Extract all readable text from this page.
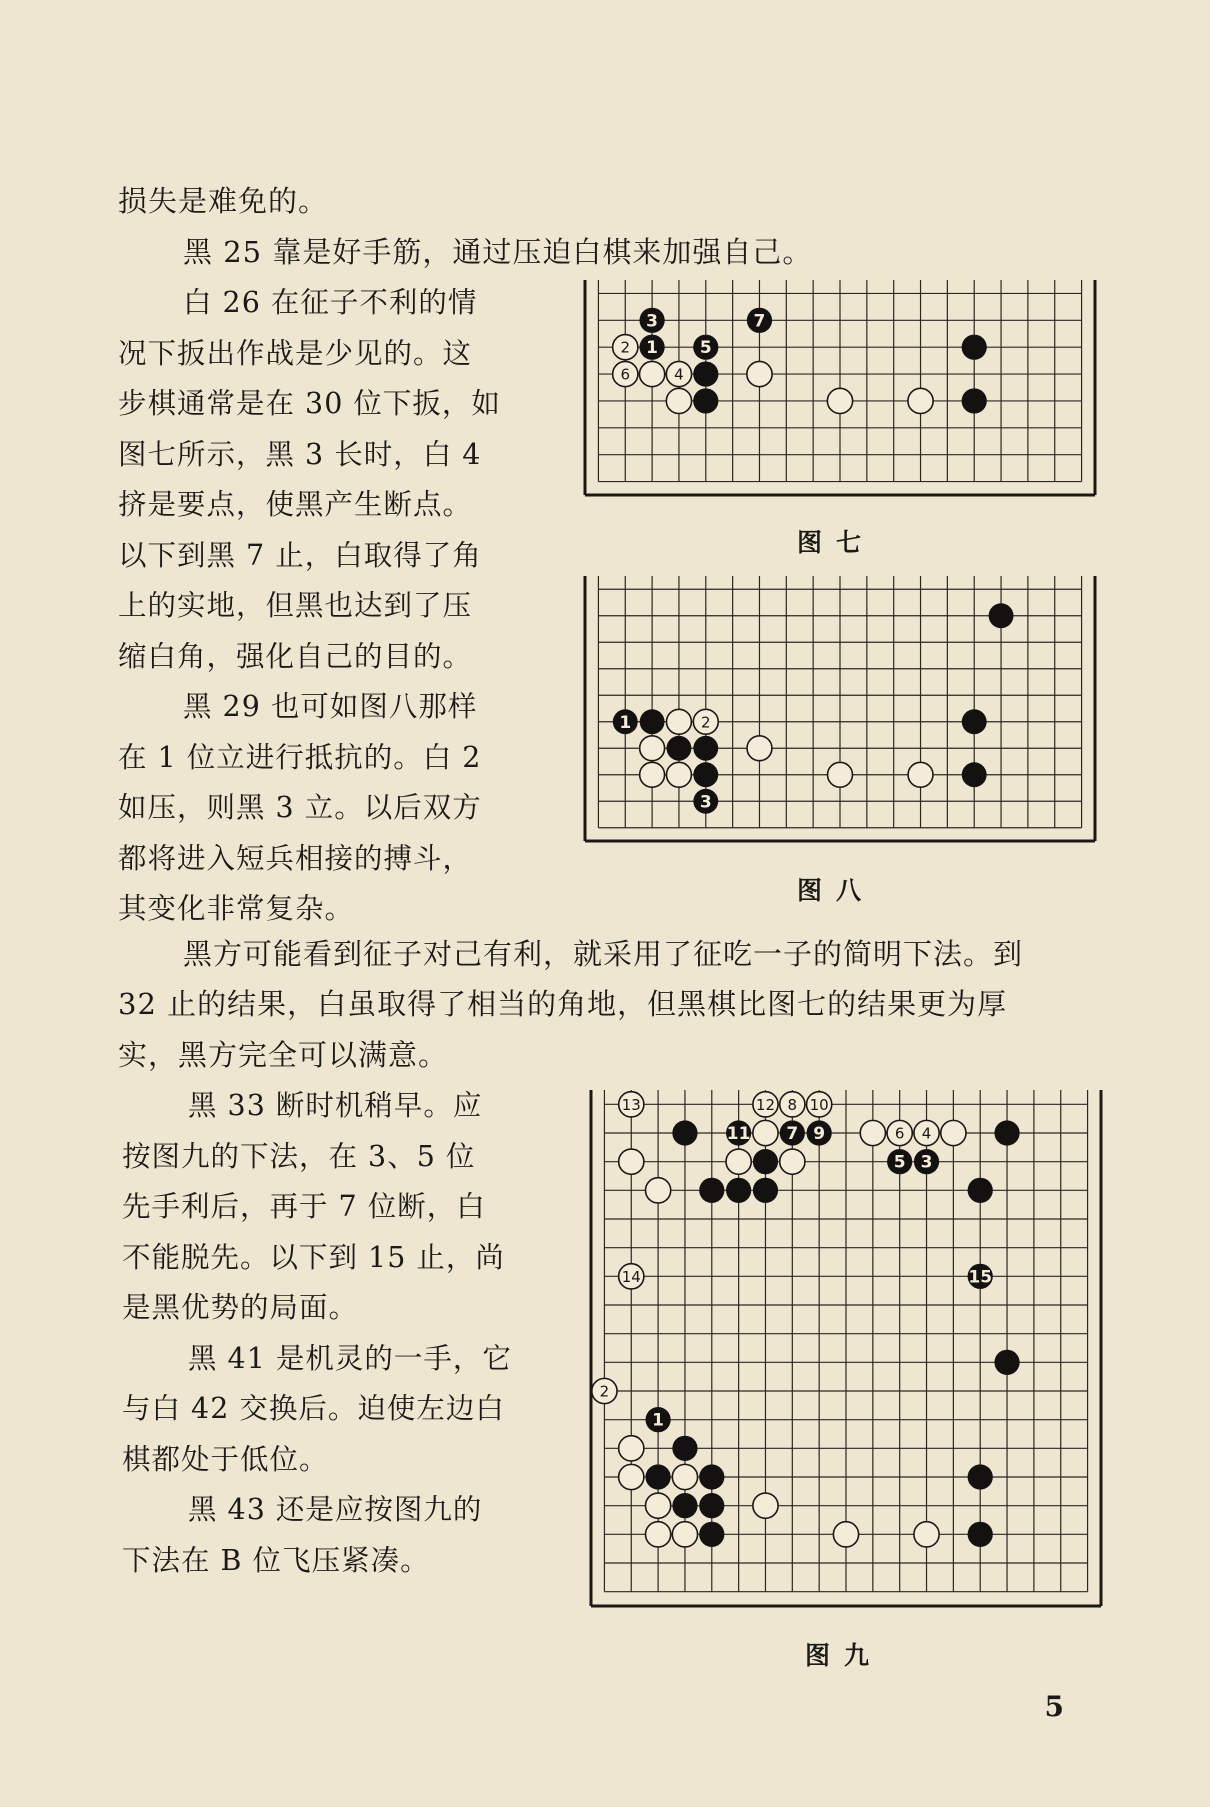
损失是难免的。

黑 25 靠是好手筋，通过压迫白棋来加强自己。

白 26 在征子不利的情

况下扳出作战是少见的。这

步棋通常是在 30 位下扳，如

图七所示，黑 3 长时，白 4

挤是要点，使黑产生断点。

以下到黑 7 止，白取得了角

上的实地，但黑也达到了压

缩白角，强化自己的目的。

黑 29 也可如图八那样

在 1 位立进行抵抗的。白 2

如压，则黑 3 立。以后双方

都将进入短兵相接的搏斗，

其变化非常复杂。

黑方可能看到征子对己有利，就采用了征吃一子的简明下法。到

32 止的结果，白虽取得了相当的角地，但黑棋比图七的结果更为厚

实，黑方完全可以满意。

黑 33 断时机稍早。应

按图九的下法，在 3、5 位

先手利后，再于 7 位断，白

不能脱先。以下到 15 止，尚

是黑优势的局面。

黑 41 是机灵的一手，它

与白 42 交换后。迫使左边白

棋都处于低位。

黑 43 还是应按图九的

下法在 B 位飞压紧凑。

3	7
2 1 5
6	4
图七
1	2
3
图八
13	12 8 10
11 7 9	6 4
5 3
14	15
2
1
图九
5
